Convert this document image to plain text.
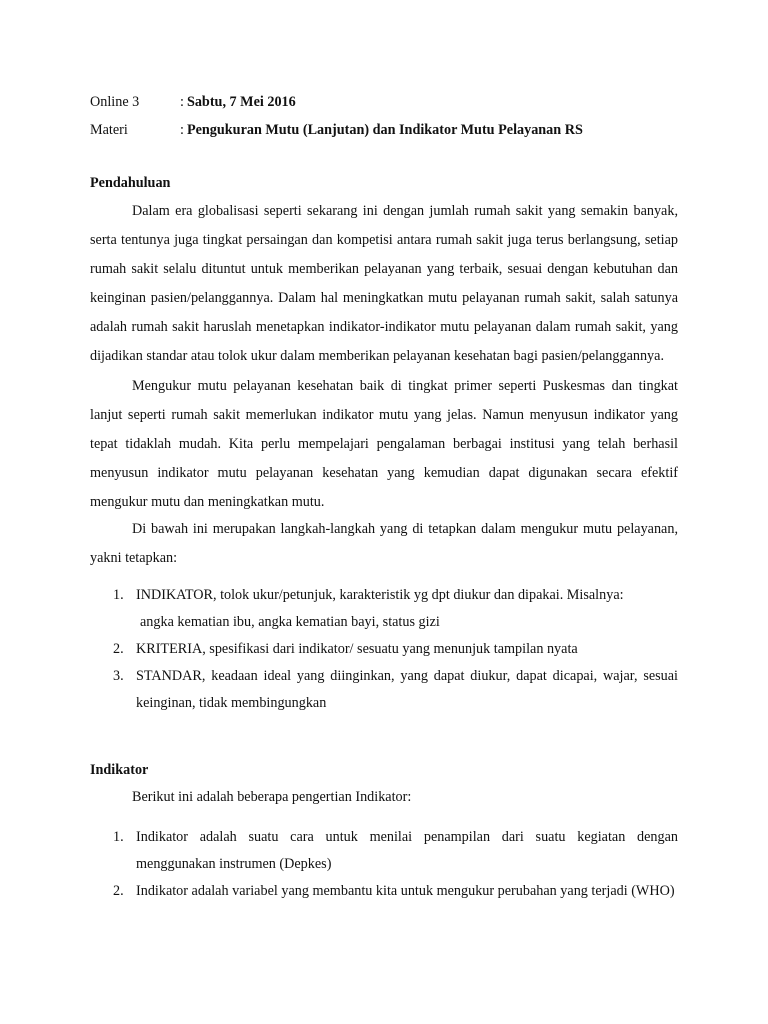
Online 3	: Sabtu, 7 Mei 2016
Materi	: Pengukuran Mutu (Lanjutan) dan Indikator Mutu Pelayanan RS
Pendahuluan

Dalam era globalisasi seperti sekarang ini dengan jumlah rumah sakit yang semakin banyak, serta tentunya juga tingkat persaingan dan kompetisi antara rumah sakit juga terus berlangsung, setiap rumah sakit selalu dituntut untuk memberikan pelayanan yang terbaik, sesuai dengan kebutuhan dan keinginan pasien/pelanggannya. Dalam hal meningkatkan mutu pelayanan rumah sakit, salah satunya adalah rumah sakit haruslah menetapkan indikator-indikator mutu pelayanan dalam rumah sakit, yang dijadikan standar atau tolok ukur dalam memberikan pelayanan kesehatan bagi pasien/pelanggannya.

Mengukur mutu pelayanan kesehatan baik di tingkat primer seperti Puskesmas dan tingkat lanjut seperti rumah sakit memerlukan indikator mutu yang jelas. Namun menyusun indikator yang tepat tidaklah mudah. Kita perlu mempelajari pengalaman berbagai institusi yang telah berhasil menyusun indikator mutu pelayanan kesehatan yang kemudian dapat digunakan secara efektif mengukur mutu dan meningkatkan mutu.

Di bawah ini merupakan langkah-langkah yang di tetapkan dalam mengukur mutu pelayanan, yakni tetapkan:

1. INDIKATOR, tolok ukur/petunjuk, karakteristik yg dpt diukur dan dipakai. Misalnya:
angka kematian ibu, angka kematian bayi, status gizi
2. KRITERIA, spesifikasi dari indikator/ sesuatu yang menunjuk tampilan nyata
3. STANDAR, keadaan ideal yang diinginkan, yang dapat diukur, dapat dicapai, wajar, sesuai keinginan, tidak membingungkan
Indikator

Berikut ini adalah beberapa pengertian Indikator:

1. Indikator adalah suatu cara untuk menilai penampilan dari suatu kegiatan dengan menggunakan instrumen (Depkes)
2. Indikator adalah variabel yang membantu kita untuk mengukur perubahan yang terjadi (WHO)
